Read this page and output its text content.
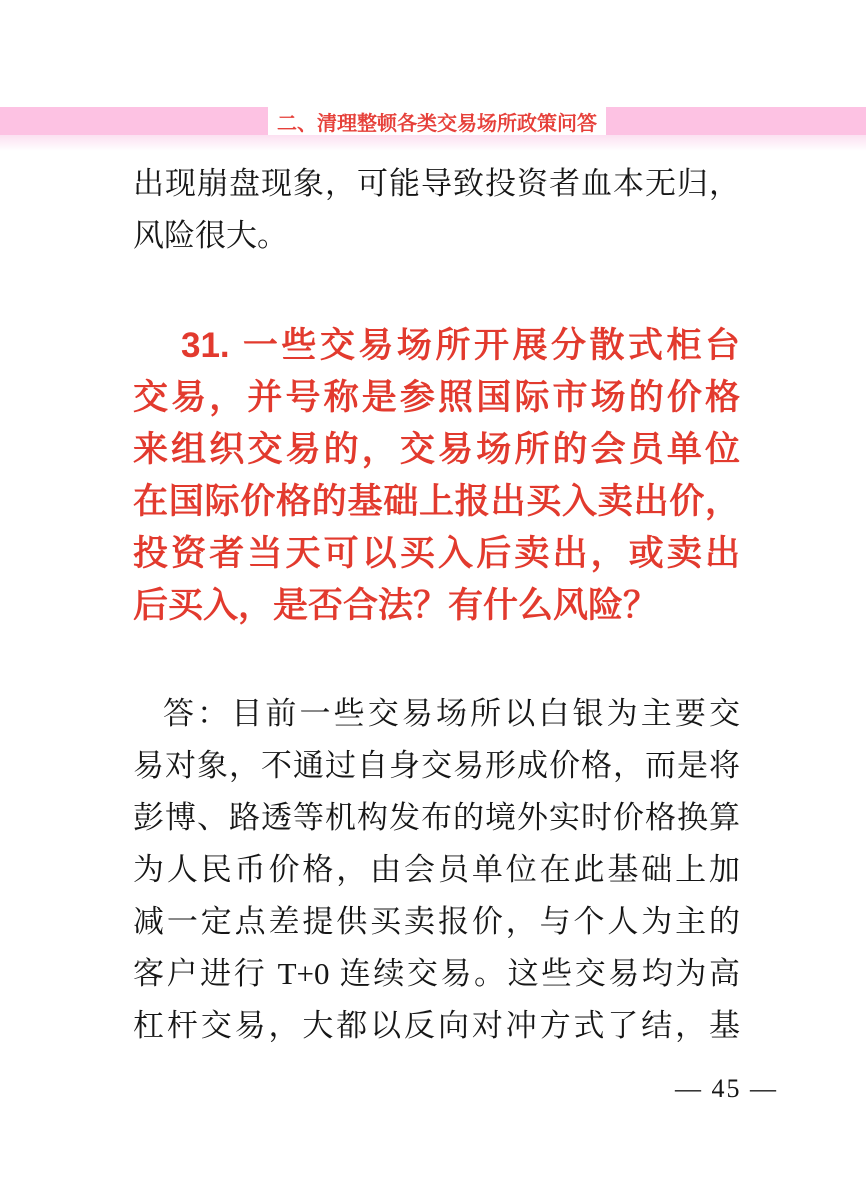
二、清理整顿各类交易场所政策问答
出现崩盘现象，可能导致投资者血本无归，
风险很大。
31. 一些交易场所开展分散式柜台
交易，并号称是参照国际市场的价格
来组织交易的，交易场所的会员单位
在国际价格的基础上报出买入卖出价，
投资者当天可以买入后卖出，或卖出
后买入，是否合法？有什么风险？
答：目前一些交易场所以白银为主要交
易对象，不通过自身交易形成价格，而是将
彭博、路透等机构发布的境外实时价格换算
为人民币价格，由会员单位在此基础上加
减一定点差提供买卖报价，与个人为主的
客户进行 T+0 连续交易。这些交易均为高
杠杆交易，大都以反向对冲方式了结，基
— 45 —
